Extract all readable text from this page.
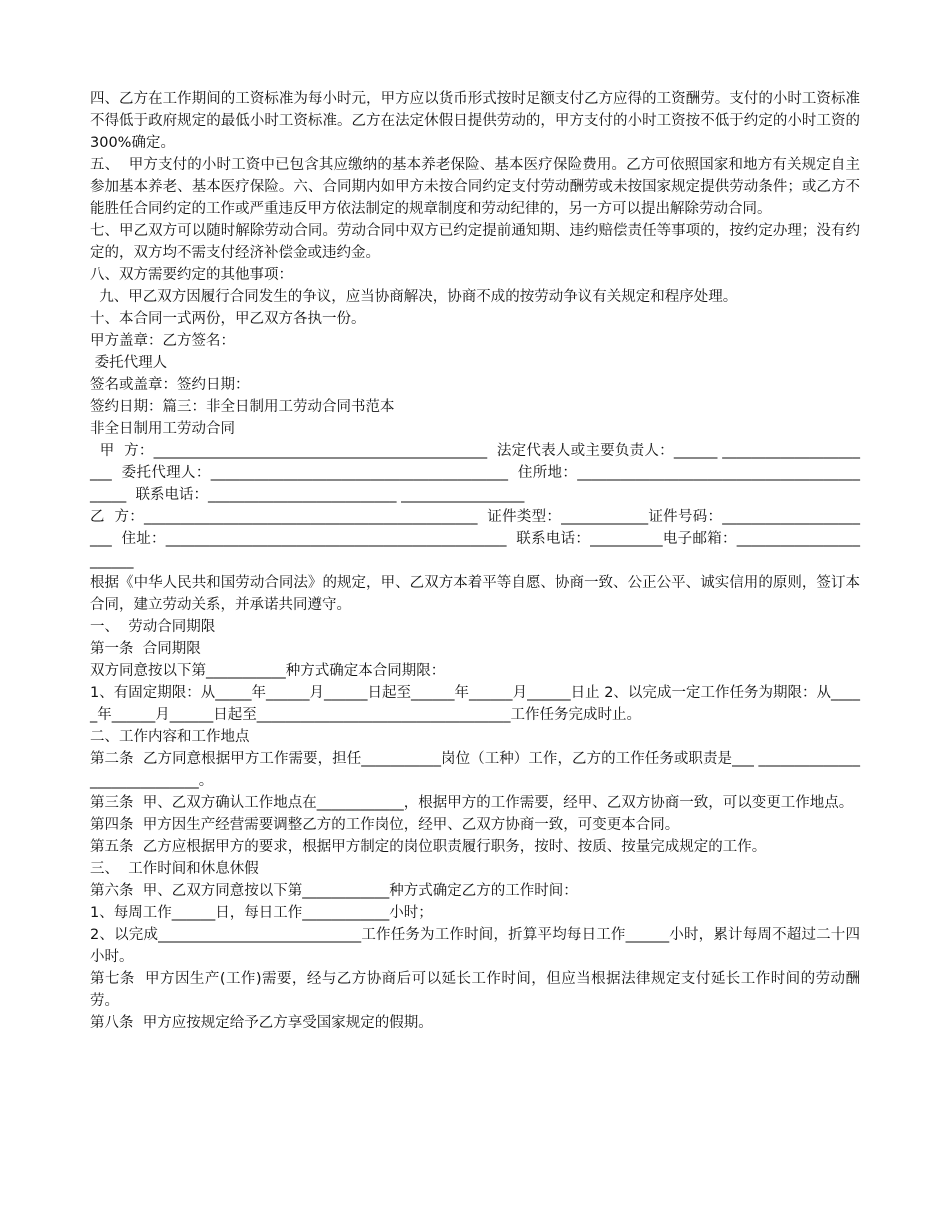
四、乙方在工作期间的工资标准为每小时元，甲方应以货币形式按时足额支付乙方应得的工资酬劳。支付的小时工资标准不得低于政府规定的最低小时工资标准。乙方在法定休假日提供劳动的，甲方支付的小时工资按不低于约定的小时工资的300%确定。

五、  甲方支付的小时工资中已包含其应缴纳的基本养老保险、基本医疗保险费用。乙方可依照国家和地方有关规定自主参加基本养老、基本医疗保险。六、合同期内如甲方未按合同约定支付劳动酬劳或未按国家规定提供劳动条件；或乙方不能胜任合同约定的工作或严重违反甲方依法制定的规章制度和劳动纪律的，另一方可以提出解除劳动合同。

七、甲乙双方可以随时解除劳动合同。劳动合同中双方已约定提前通知期、违约赔偿责任等事项的，按约定办理；没有约定的，双方均不需支付经济补偿金或违约金。

八、双方需要约定的其他事项：

九、甲乙双方因履行合同发生的争议，应当协商解决，协商不成的按劳动争议有关规定和程序处理。

十、本合同一式两份，甲乙双方各执一份。

甲方盖章：乙方签名：

委托代理人

签名或盖章：签约日期：

签约日期：篇三：非全日制用工劳动合同书范本

非全日制用工劳动合同

甲  方：______________________________________________  法定代表人或主要负责人：______ ______________________  委托代理人：_________________________________________  住所地：____________________________________________  联系电话：__________________________ _________________

乙  方：______________________________________________  证件类型：____________证件号码：______________________  住址：_______________________________________________  联系电话：__________电子邮箱：_______________________

根据《中华人民共和国劳动合同法》的规定，甲、乙双方本着平等自愿、协商一致、公正公平、诚实信用的原则，签订本合同，建立劳动关系，并承诺共同遵守。

一、  劳动合同期限

第一条  合同期限

双方同意按以下第___________种方式确定本合同期限：

1、有固定期限：从_____年______月______日起至______年______月______日止 2、以完成一定工作任务为期限：从_____年______月______日起至___________________________________工作任务完成时止。

二、工作内容和工作地点

第二条  乙方同意根据甲方工作需要，担任___________岗位（工种）工作，乙方的工作任务或职责是___ _____________________________。

第三条  甲、乙双方确认工作地点在____________，根据甲方的工作需要，经甲、乙双方协商一致，可以变更工作地点。

第四条  甲方因生产经营需要调整乙方的工作岗位，经甲、乙双方协商一致，可变更本合同。

第五条  乙方应根据甲方的要求，根据甲方制定的岗位职责履行职务，按时、按质、按量完成规定的工作。

三、  工作时间和休息休假

第六条  甲、乙双方同意按以下第____________种方式确定乙方的工作时间：

1、每周工作______日，每日工作____________小时；

2、以完成____________________________工作任务为工作时间，折算平均每日工作______小时，累计每周不超过二十四小时。

第七条  甲方因生产(工作)需要，经与乙方协商后可以延长工作时间，但应当根据法律规定支付延长工作时间的劳动酬劳。

第八条  甲方应按规定给予乙方享受国家规定的假期。
